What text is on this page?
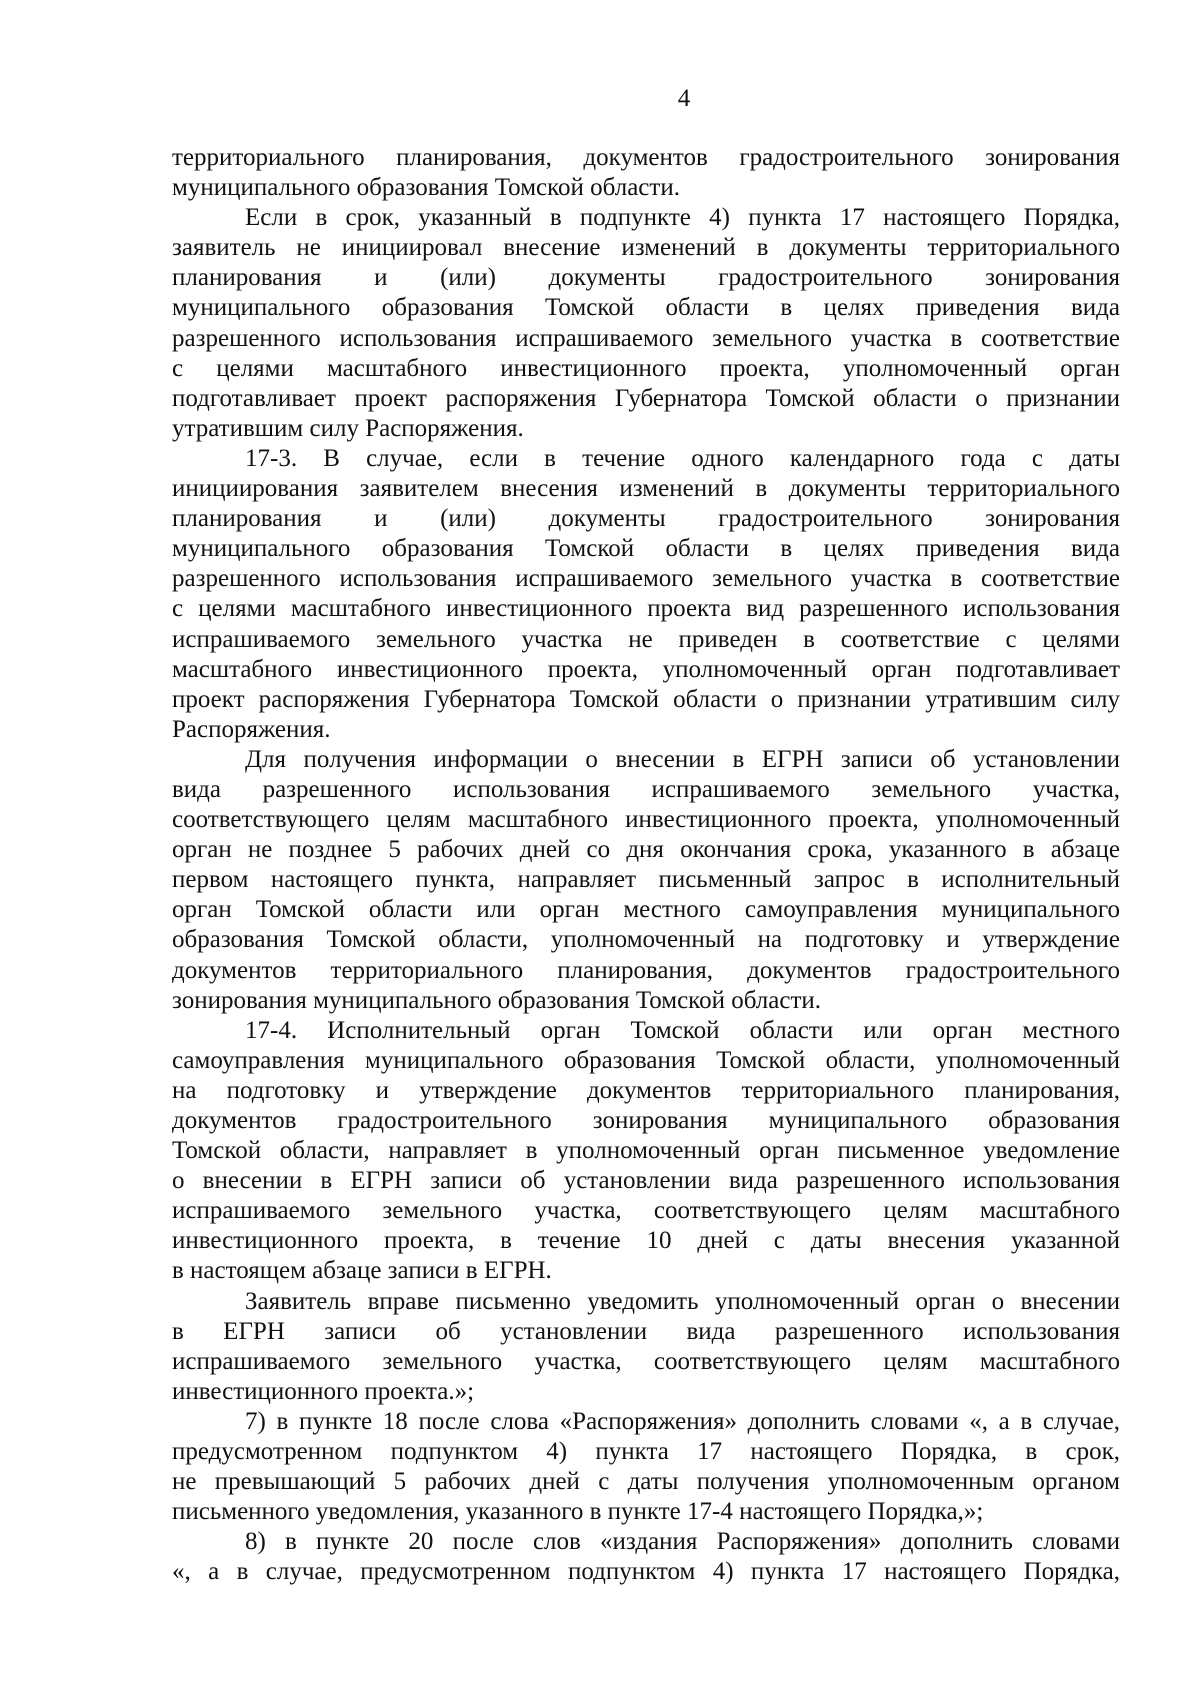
4

территориального планирования, документов градостроительного зонирования

муниципального образования Томской области.

Если в срок, указанный в подпункте 4) пункта 17 настоящего Порядка,

заявитель не инициировал внесение изменений в документы территориального

планирования и (или) документы градостроительного зонирования

муниципального образования Томской области в целях приведения вида

разрешенного использования испрашиваемого земельного участка в соответствие

с целями масштабного инвестиционного проекта, уполномоченный орган

подготавливает проект распоряжения Губернатора Томской области о признании

утратившим силу Распоряжения.

17-3. В случае, если в течение одного календарного года с даты

инициирования заявителем внесения изменений в документы территориального

планирования и (или) документы градостроительного зонирования

муниципального образования Томской области в целях приведения вида

разрешенного использования испрашиваемого земельного участка в соответствие

с целями масштабного инвестиционного проекта вид разрешенного использования

испрашиваемого земельного участка не приведен в соответствие с целями

масштабного инвестиционного проекта, уполномоченный орган подготавливает

проект распоряжения Губернатора Томской области о признании утратившим силу

Распоряжения.

Для получения информации о внесении в ЕГРН записи об установлении

вида разрешенного использования испрашиваемого земельного участка,

соответствующего целям масштабного инвестиционного проекта, уполномоченный

орган не позднее 5 рабочих дней со дня окончания срока, указанного в абзаце

первом настоящего пункта, направляет письменный запрос в исполнительный

орган Томской области или орган местного самоуправления муниципального

образования Томской области, уполномоченный на подготовку и утверждение

документов территориального планирования, документов градостроительного

зонирования муниципального образования Томской области.

17-4. Исполнительный орган Томской области или орган местного

самоуправления муниципального образования Томской области, уполномоченный

на подготовку и утверждение документов территориального планирования,

документов градостроительного зонирования муниципального образования

Томской области, направляет в уполномоченный орган письменное уведомление

о внесении в ЕГРН записи об установлении вида разрешенного использования

испрашиваемого земельного участка, соответствующего целям масштабного

инвестиционного проекта, в течение 10 дней с даты внесения указанной

в настоящем абзаце записи в ЕГРН.

Заявитель вправе письменно уведомить уполномоченный орган о внесении

в ЕГРН записи об установлении вида разрешенного использования

испрашиваемого земельного участка, соответствующего целям масштабного

инвестиционного проекта.»;

7) в пункте 18 после слова «Распоряжения» дополнить словами «, а в случае,

предусмотренном подпунктом 4) пункта 17 настоящего Порядка, в срок,

не превышающий 5 рабочих дней с даты получения уполномоченным органом

письменного уведомления, указанного в пункте 17-4 настоящего Порядка,»;

8) в пункте 20 после слов «издания Распоряжения» дополнить словами

«, а в случае, предусмотренном подпунктом 4) пункта 17 настоящего Порядка,
